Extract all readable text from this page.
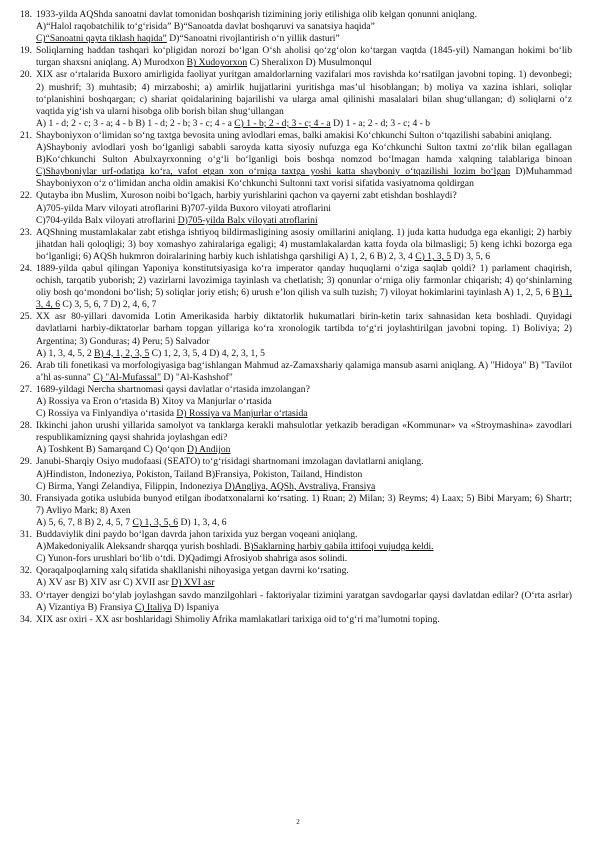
18. 1933-yilda AQShda sanoatni davlat tomonidan boshqarish tizimining joriy etilishiga olib kelgan qonunni aniqlang.
A)“Halol raqobatchilik to‘g‘risida” B)“Sanoatda davlat boshqaruvi va sanatsiya haqida”
C)“Sanoatni qayta tiklash haqida” D)“Sanoatni rivojlantirish o‘n yillik dasturi”
19. Soliqlarning haddan tashqari ko‘pligidan norozi bo‘lgan O‘sh aholisi qo‘zg‘olon ko‘targan vaqtda (1845-yil) Namangan hokimi bo‘lib turgan shaxsni aniqlang. A) Murodxon B) Xudoyorxon C) Sheralixon D) Musulmonqul
20. XIX asr o‘rtalarida Buxoro amirligida faoliyat yuritgan amaldorlarning vazifalari mos ravishda ko‘rsatilgan javobni toping. 1) devonbegi; 2) mushrif; 3) muhtasib; 4) mirzaboshi; a) amirlik hujjatlarini yuritishga mas’ul hisoblangan; b) moliya va xazina ishlari, soliqlar to‘planishini boshqargan; c) shariat qoidalarining bajarilishi va ularga amal qilinishi masalalari bilan shug‘ullangan; d) soliqlarni o‘z vaqtida yig‘ish va ularni hisobga olib borish bilan shug‘ullangan
A) 1 - d; 2 - c; 3 - a; 4 - b B) 1 - d; 2 - b; 3 - c; 4 - a C) 1 - b; 2 - d; 3 - c; 4 - a D) 1 - a; 2 - d; 3 - c; 4 - b
21. Shayboniyxon o‘limidan so‘ng taxtga bevosita uning avlodlari emas, balki amakisi Ko‘chkunchi Sulton o‘tqazilishi sababini aniqlang.
A)Shayboniy avlodlari yosh bo‘lganligi sababli saroyda katta siyosiy nufuzga ega Ko‘chkunchi Sulton taxtni zo‘rlik bilan egallagan B)Ko‘chkunchi Sulton Abulxayrxonning o‘g‘li bo‘lganligi bois boshqa nomzod bo‘lmagan hamda xalqning talablariga binoan C)Shayboniylar urf-odatiga ko‘ra, vafot etgan xon o‘rniga taxtga yoshi katta shayboniy o‘tqazilishi lozim bo‘lgan D)Muhammad Shayboniyxon o‘z o‘limidan ancha oldin amakisi Ko‘chkunchi Sultonni taxt vorisi sifatida vasiyatnoma qoldirgan
22. Qutayba ibn Muslim, Xuroson noibi bo‘lgach, harbiy yurishlarini qachon va qayerni zabt etishdan boshlaydi?
A)705-yilda Marv viloyati atroflarini B)707-yilda Buxoro viloyati atroflarini
C)704-yilda Balx viloyati atroflarini D)705-yilda Balx viloyati atroflarini
23. AQShning mustamlakalar zabt etishga ishtiyoq bildirmasligining asosiy omillarini aniqlang. 1) juda katta hududga ega ekanligi; 2) harbiy jihatdan hali qoloqligi; 3) boy xomashyo zahiralariga egaligi; 4) mustamlakalardan katta foyda ola bilmasligi; 5) keng ichki bozorga ega bo‘lganligi; 6) AQSh hukmron doiralarining harbiy kuch ishlatishga qarshiligi A) 1, 2, 6 B) 2, 3, 4 C) 1, 3, 5 D) 3, 5, 6
24. 1889-yilda qabul qilingan Yaponiya konstitutsiyasiga ko‘ra imperator qanday huquqlarni o‘ziga saqlab qoldi? 1) parlament chaqirish, ochish, tarqatib yuborish; 2) vazirlarni lavozimiga tayinlash va chetlatish; 3) qonunlar o‘rniga oliy farmonlar chiqarish; 4) qo‘shinlarning oliy bosh qo‘mondoni bo‘lish; 5) soliqlar joriy etish; 6) urush e’lon qilish va sulh tuzish; 7) viloyat hokimlarini tayinlash A) 1, 2, 5, 6 B) 1, 3, 4, 6 C) 3, 5, 6, 7 D) 2, 4, 6, 7
25. XX asr 80-yillari davomida Lotin Amerikasida harbiy diktatorlik hukumatlari birin-ketin tarix sahnasidan keta boshladi. Quyidagi davlatlarni harbiy-diktatorlar barham topgan yillariga ko‘ra xronologik tartibda to‘g‘ri joylashtirilgan javobni toping. 1) Boliviya; 2) Argentina; 3) Gonduras; 4) Peru; 5) Salvador
A) 1, 3, 4, 5, 2 B) 4, 1, 2, 3, 5 C) 1, 2, 3, 5, 4 D) 4, 2, 3, 1, 5
26. Arab tili fonetikasi va morfologiyasiga bag‘ishlangan Mahmud az-Zamaxshariy qalamiga mansub asarni aniqlang. A) "Hidoya" B) "Tavilot a’hl as-sunna" C) "Al-Mufassal" D) "Al-Kashshof"
27. 1689-yildagi Nercha shartnomasi qaysi davlatlar o‘rtasida imzolangan?
A) Rossiya va Eron o‘rtasida B) Xitoy va Manjurlar o‘rtasida
C) Rossiya va Finlyandiya o‘rtasida D) Rossiya va Manjurlar o‘rtasida
28. Ikkinchi jahon urushi yillarida samolyot va tanklarga kerakli mahsulotlar yetkazib beradigan «Kommunar» va «Stroymashina» zavodlari respublikamizning qaysi shahrida joylashgan edi?
A) Toshkent B) Samarqand C) Qo‘qon D) Andijon
29. Janubi-Sharqiy Osiyo mudofaasi (SEATO) to‘g‘risidagi shartnomani imzolagan davlatlarni aniqlang.
A)Hindiston, Indoneziya, Pokiston, Tailand B)Fransiya, Pokiston, Tailand, Hindiston
C) Birma, Yangi Zelandiya, Filippin, Indoneziya D)Angliya, AQSh, Avstraliya, Fransiya
30. Fransiyada gotika uslubida bunyod etilgan ibodatxonalarni ko‘rsating. 1) Ruan; 2) Milan; 3) Reyms; 4) Laax; 5) Bibi Maryam; 6) Shartr; 7) Avliyo Mark; 8) Axen
A) 5, 6, 7, 8 B) 2, 4, 5, 7 C) 1, 3, 5, 6 D) 1, 3, 4, 6
31. Buddaviylik dini paydo bo‘lgan davrda jahon tarixida yuz bergan voqeani aniqlang.
A)Makedoniyalik Aleksandr sharqqa yurish boshladi. B)Saklarning harbiy qabila ittifoqi vujudga keldi.
C) Yunon-fors urushlari bo‘lib o‘tdi. D)Qadimgi Afrosiyob shahriga asos solindi.
32. Qoraqalpoqlarning xalq sifatida shakllanishi nihoyasiga yetgan davrni ko‘rsating.
A) XV asr B) XIV asr C) XVII asr D) XVI asr
33. O‘rtayer dengizi bo‘ylab joylashgan savdo manzilgohlari - faktoriyalar tizimini yaratgan savdogarlar qaysi davlatdan edilar? (O‘rta asrlar) A) Vizantiya B) Fransiya C) Italiya D) Ispaniya
34. XIX asr oxiri - XX asr boshlaridagi Shimoliy Afrika mamlakatlari tarixiga oid to‘g‘ri ma’lumotni toping.
2
